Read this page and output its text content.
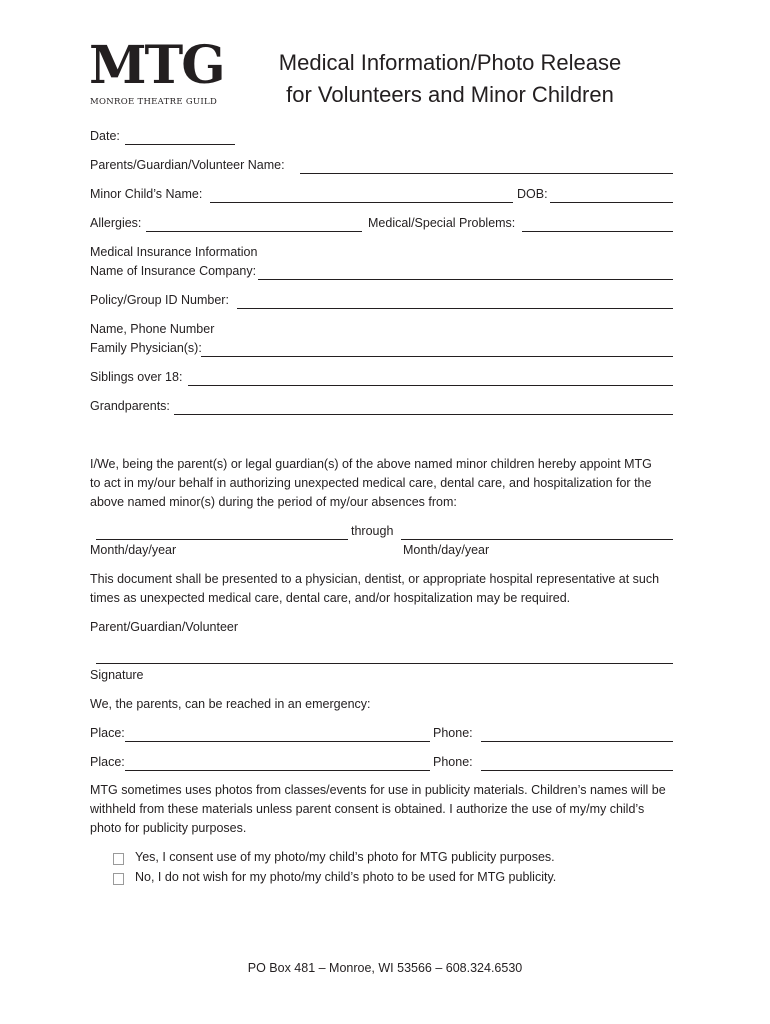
MTG
MONROE THEATRE GUILD
Medical Information/Photo Release
for Volunteers and Minor Children
Date:
Parents/Guardian/Volunteer Name:
Minor Child’s Name:	DOB:
Allergies:	Medical/Special Problems:
Medical Insurance Information
Name of Insurance Company:
Policy/Group ID Number:
Name, Phone Number
Family Physician(s):
Siblings over 18:
Grandparents:
I/We, being the parent(s) or legal guardian(s) of the above named minor children hereby appoint MTG
to act in my/our behalf in authorizing unexpected medical care, dental care, and hospitalization for the
above named minor(s) during the period of my/our absences from:
through
Month/day/year	Month/day/year
This document shall be presented to a physician, dentist, or appropriate hospital representative at such
times as unexpected medical care, dental care, and/or hospitalization may be required.
Parent/Guardian/Volunteer
Signature
We, the parents, can be reached in an emergency:
Place:	Phone:
Place:	Phone:
MTG sometimes uses photos from classes/events for use in publicity materials. Children’s names will be
withheld from these materials unless parent consent is obtained. I authorize the use of my/my child’s
photo for publicity purposes.
Yes, I consent use of my photo/my child’s photo for MTG publicity purposes.
No, I do not wish for my photo/my child’s photo to be used for MTG publicity.
PO Box 481 – Monroe, WI 53566 – 608.324.6530
